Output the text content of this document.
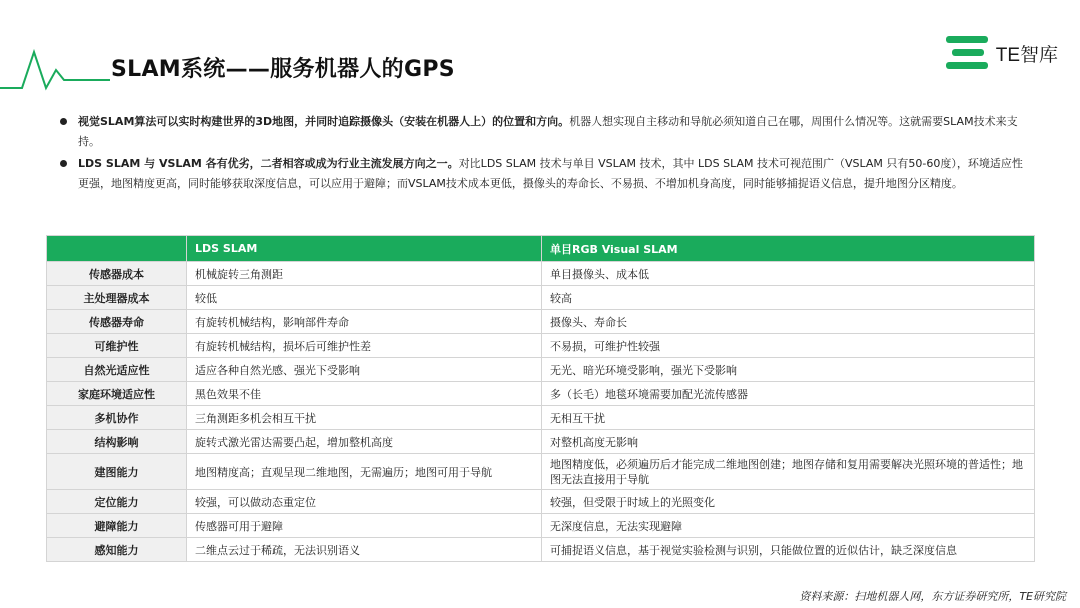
SLAM系统——服务机器人的GPS
TE智库
视觉SLAM算法可以实时构建世界的3D地图，并同时追踪摄像头（安装在机器人上）的位置和方向。机器人想实现自主移动和导航必须知道自己在哪，周围什么情况等。这就需要SLAM技术来支持。
LDS SLAM 与 VSLAM 各有优劣，二者相容或成为行业主流发展方向之一。对比LDS SLAM 技术与单目 VSLAM 技术，其中 LDS SLAM 技术可视范围广（VSLAM 只有50-60度），环境适应性更强，地图精度更高，同时能够获取深度信息，可以应用于避障；而VSLAM技术成本更低，摄像头的寿命长、不易损、不增加机身高度，同时能够捕捉语义信息，提升地图分区精度。
	LDS SLAM	单目RGB Visual SLAM
传感器成本	机械旋转三角测距	单目摄像头、成本低
主处理器成本	较低	较高
传感器寿命	有旋转机械结构，影响部件寿命	摄像头、寿命长
可维护性	有旋转机械结构，损坏后可维护性差	不易损，可维护性较强
自然光适应性	适应各种自然光感、强光下受影响	无光、暗光环境受影响，强光下受影响
家庭环境适应性	黑色效果不佳	多（长毛）地毯环境需要加配光流传感器
多机协作	三角测距多机会相互干扰	无相互干扰
结构影响	旋转式激光雷达需要凸起，增加整机高度	对整机高度无影响
建图能力	地图精度高；直观呈现二维地图，无需遍历；地图可用于导航	地图精度低，必须遍历后才能完成二维地图创建；地图存储和复用需要解决光照环境的普适性；地图无法直接用于导航
定位能力	较强，可以做动态重定位	较强，但受限于时域上的光照变化
避障能力	传感器可用于避障	无深度信息，无法实现避障
感知能力	二维点云过于稀疏，无法识别语义	可捕捉语义信息，基于视觉实验检测与识别，只能做位置的近似估计，缺乏深度信息
资料来源：扫地机器人网，东方证券研究所，TE研究院
